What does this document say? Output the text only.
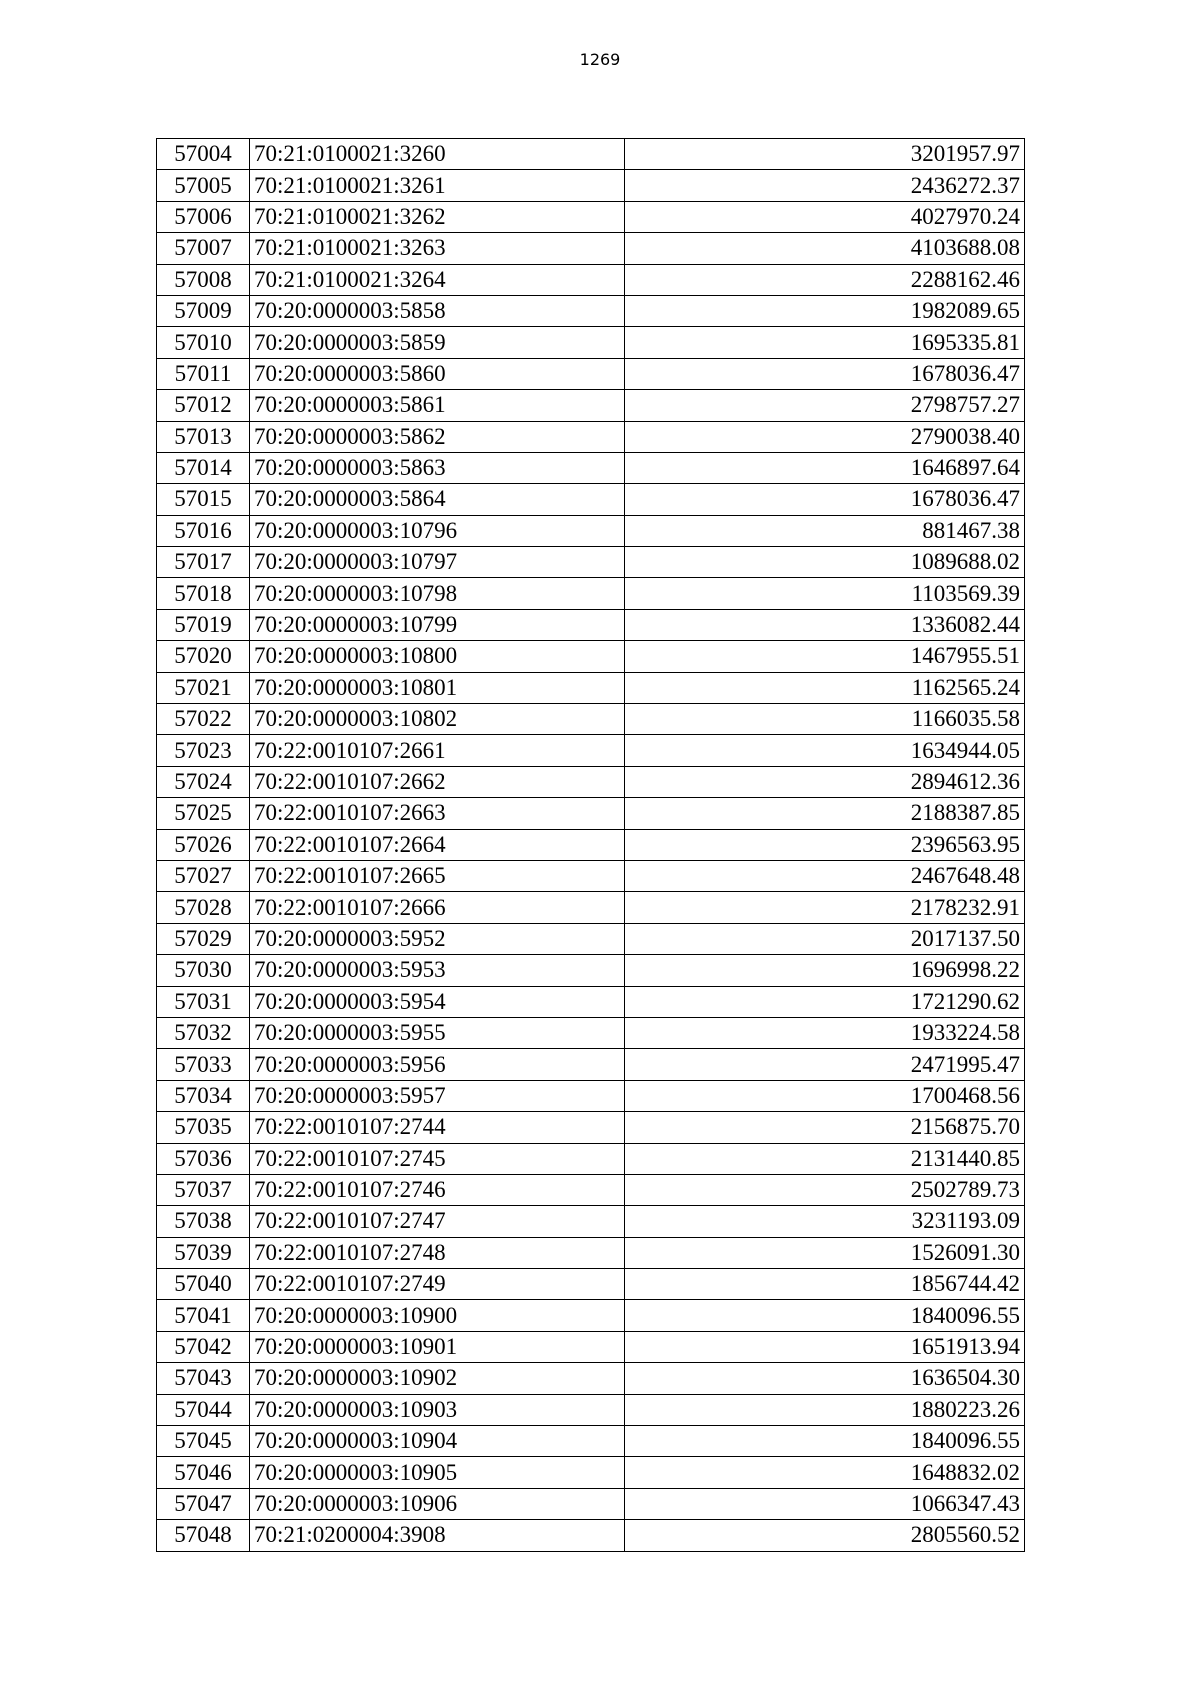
1269
57004	70:21:0100021:3260	3201957.97
57005	70:21:0100021:3261	2436272.37
57006	70:21:0100021:3262	4027970.24
57007	70:21:0100021:3263	4103688.08
57008	70:21:0100021:3264	2288162.46
57009	70:20:0000003:5858	1982089.65
57010	70:20:0000003:5859	1695335.81
57011	70:20:0000003:5860	1678036.47
57012	70:20:0000003:5861	2798757.27
57013	70:20:0000003:5862	2790038.40
57014	70:20:0000003:5863	1646897.64
57015	70:20:0000003:5864	1678036.47
57016	70:20:0000003:10796	881467.38
57017	70:20:0000003:10797	1089688.02
57018	70:20:0000003:10798	1103569.39
57019	70:20:0000003:10799	1336082.44
57020	70:20:0000003:10800	1467955.51
57021	70:20:0000003:10801	1162565.24
57022	70:20:0000003:10802	1166035.58
57023	70:22:0010107:2661	1634944.05
57024	70:22:0010107:2662	2894612.36
57025	70:22:0010107:2663	2188387.85
57026	70:22:0010107:2664	2396563.95
57027	70:22:0010107:2665	2467648.48
57028	70:22:0010107:2666	2178232.91
57029	70:20:0000003:5952	2017137.50
57030	70:20:0000003:5953	1696998.22
57031	70:20:0000003:5954	1721290.62
57032	70:20:0000003:5955	1933224.58
57033	70:20:0000003:5956	2471995.47
57034	70:20:0000003:5957	1700468.56
57035	70:22:0010107:2744	2156875.70
57036	70:22:0010107:2745	2131440.85
57037	70:22:0010107:2746	2502789.73
57038	70:22:0010107:2747	3231193.09
57039	70:22:0010107:2748	1526091.30
57040	70:22:0010107:2749	1856744.42
57041	70:20:0000003:10900	1840096.55
57042	70:20:0000003:10901	1651913.94
57043	70:20:0000003:10902	1636504.30
57044	70:20:0000003:10903	1880223.26
57045	70:20:0000003:10904	1840096.55
57046	70:20:0000003:10905	1648832.02
57047	70:20:0000003:10906	1066347.43
57048	70:21:0200004:3908	2805560.52
